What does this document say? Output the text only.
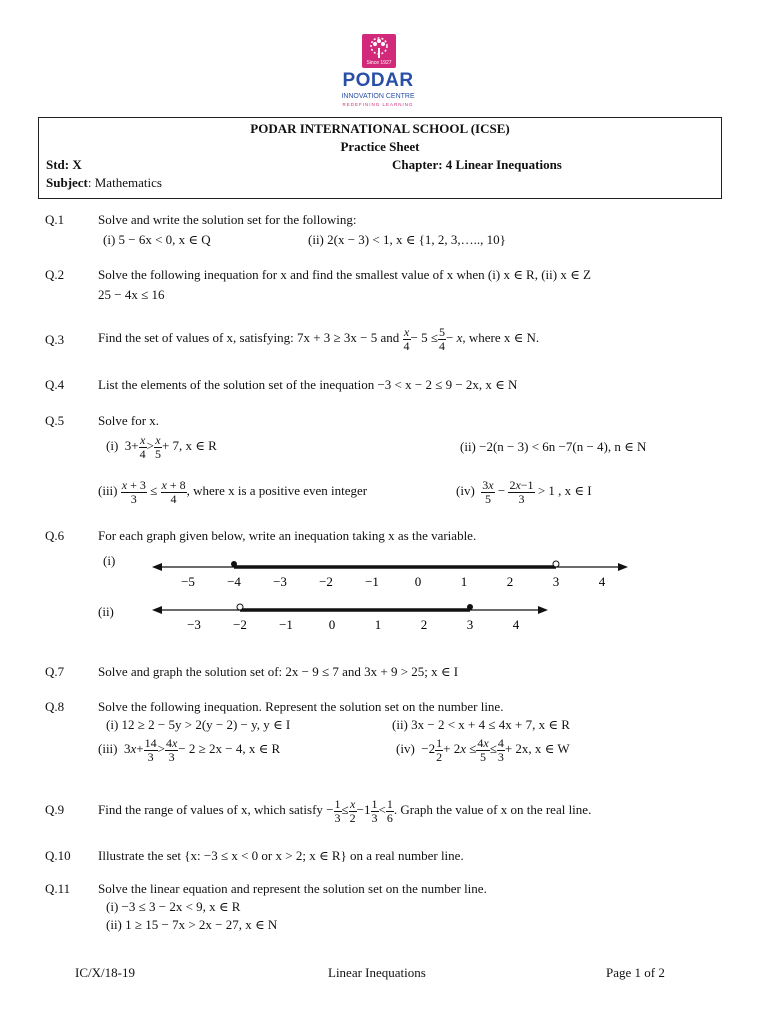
Since 1927
PODAR
INNOVATION CENTRE
REDEFINING LEARNING
PODAR INTERNATIONAL SCHOOL (ICSE)
Practice Sheet
Std: X	Chapter: 4 Linear Inequations
Subject: Mathematics
Q.1	Solve and write the solution set for the following:
(i) 5 − 6x < 0, x ∈ Q	(ii) 2(x − 3) < 1, x ∈ {1, 2, 3,….., 10}
Q.2	Solve the following inequation for x and find the smallest value of x when (i) x ∈ R, (ii) x ∈ Z
25 − 4x ≤ 16
Q.3	Find the set of values of x, satisfying: 7x + 3 ≥ 3x − 5 and $\frac{x}{4} - 5 \le \frac{5}{4} - x$, where x ∈ N.
Q.4	List the elements of the solution set of the inequation −3 < x − 2 ≤ 9 − 2x, x ∈ N
Q.5	Solve for x.
(i)  $3+ \frac{x}{4} > \frac{x}{5} + 7$, x ∈ R	(ii) −2(n − 3) < 6n −7(n − 4), n ∈ N
$(iii) \frac{x + 3}{3} \le \frac{x + 8}{4}$ , where x is a positive even integer	$(iv) \frac{3x}{5} - \frac{2x-1}{3} > 1$ , x ∈ I
Q.6	For each graph given below, write an inequation taking x as the variable.
(i)
−5 −4 −3 −2 −1	0	1	2	3	4
(ii)
−3 −2 −1	0	1	2	3	4
Q.7	Solve and graph the solution set of: 2x − 9 ≤ 7 and 3x + 9 > 25; x ∈ I
Q.8	Solve the following inequation. Represent the solution set on the number line.
(i) 12 ≥ 2 − 5y > 2(y − 2) − y, y ∈ I	(ii) 3x − 2 < x + 4 ≤ 4x + 7, x ∈ R
(iii)  $3x+ \frac{14}{3} > \frac{4x}{3} - 2 \ge 2x - 4$, x ∈ R	$(iv) -2 \frac{1}{2} + 2x \le \frac{4x}{5} \le \frac{4}{3} + 2x$, x ∈ W
Q.9	Find the range of values of x, which satisfy − $\frac{1}{3} \le \frac{x}{2} -1 \frac{1}{3} < \frac{1}{6}$ . Graph the value of x on the real line.
Q.10 Illustrate the set {x: −3 ≤ x < 0 or x > 2; x ∈ R} on a real number line.
Q.11 Solve the linear equation and represent the solution set on the number line.
(i) −3 ≤ 3 − 2x < 9, x ∈ R
(ii) 1 ≥ 15 − 7x > 2x − 27, x ∈ N
IC/X/18-19	Linear Inequations	Page 1 of 2
